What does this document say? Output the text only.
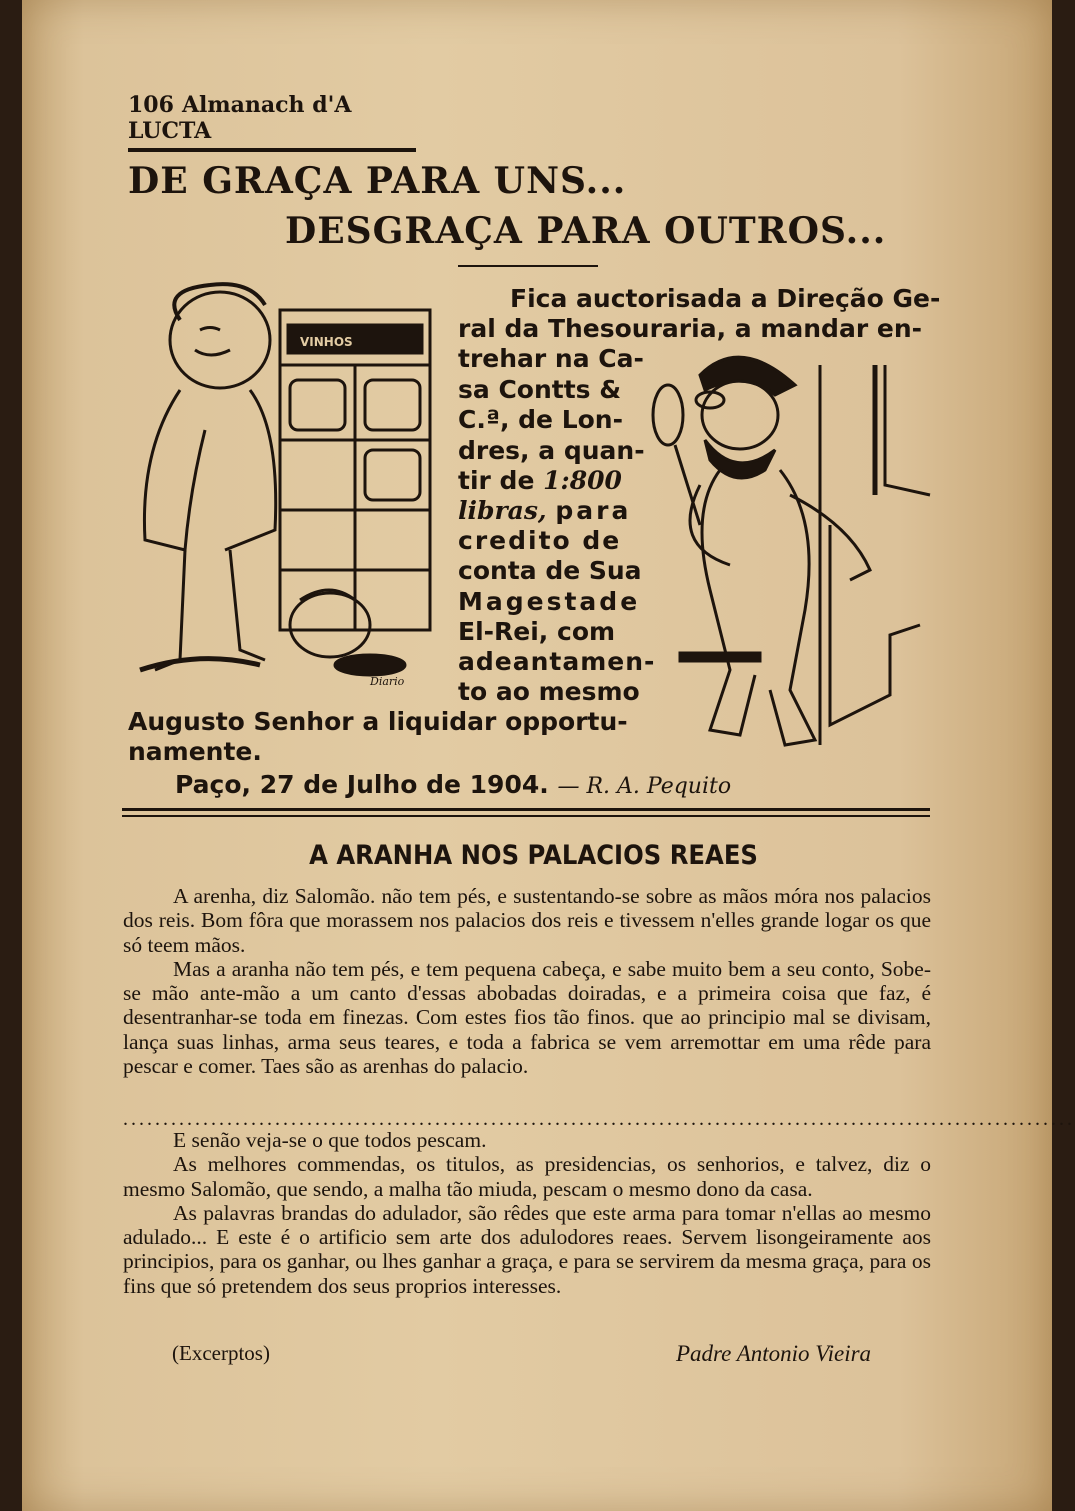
106 Almanach d'A LUCTA
DE GRAÇA PARA UNS...
DESGRAÇA PARA OUTROS...
VINHOS
Diario
Fica auctorisada a Direção Ge-
ral da Thesouraria, a mandar en-
trehar na Ca-
sa Contts &
C.ª, de Lon-
dres, a quan-
tir de 1:800
libras, para
credito de
conta de Sua
Magestade
El-Rei, com
adeantamen-
to ao mesmo
Augusto Senhor a liquidar opportu-
namente.
Paço, 27 de Julho de 1904. — R. A. Pequito
A ARANHA NOS PALACIOS REAES

A arenha, diz Salomão. não tem pés, e sustentando-se sobre as mãos móra nos palacios dos reis. Bom fôra que morassem nos palacios dos reis e tivessem n'elles grande logar os que só teem mãos.

Mas a aranha não tem pés, e tem pequena cabeça, e sabe muito bem a seu conto, Sobe-se mão ante-mão a um canto d'essas abobadas doiradas, e a primeira coisa que faz, é desentranhar-se toda em finezas. Com estes fios tão finos. que ao principio mal se divisam, lança suas linhas, arma seus teares, e toda a fabrica se vem arremottar em uma rêde para pescar e comer. Taes são as arenhas do palacio.

.......................................................................................................................

E senão veja-se o que todos pescam.

As melhores commendas, os titulos, as presidencias, os senhorios, e talvez, diz o mesmo Salomão, que sendo, a malha tão miuda, pescam o mesmo dono da casa.

As palavras brandas do adulador, são rêdes que este arma para tomar n'ellas ao mesmo adulado... E este é o artificio sem arte dos adulodores reaes. Servem lisongeiramente aos principios, para os ganhar, ou lhes ganhar a graça, e para se servirem da mesma graça, para os fins que só pretendem dos seus proprios interesses.

(Excerptos)	Padre Antonio Vieira
